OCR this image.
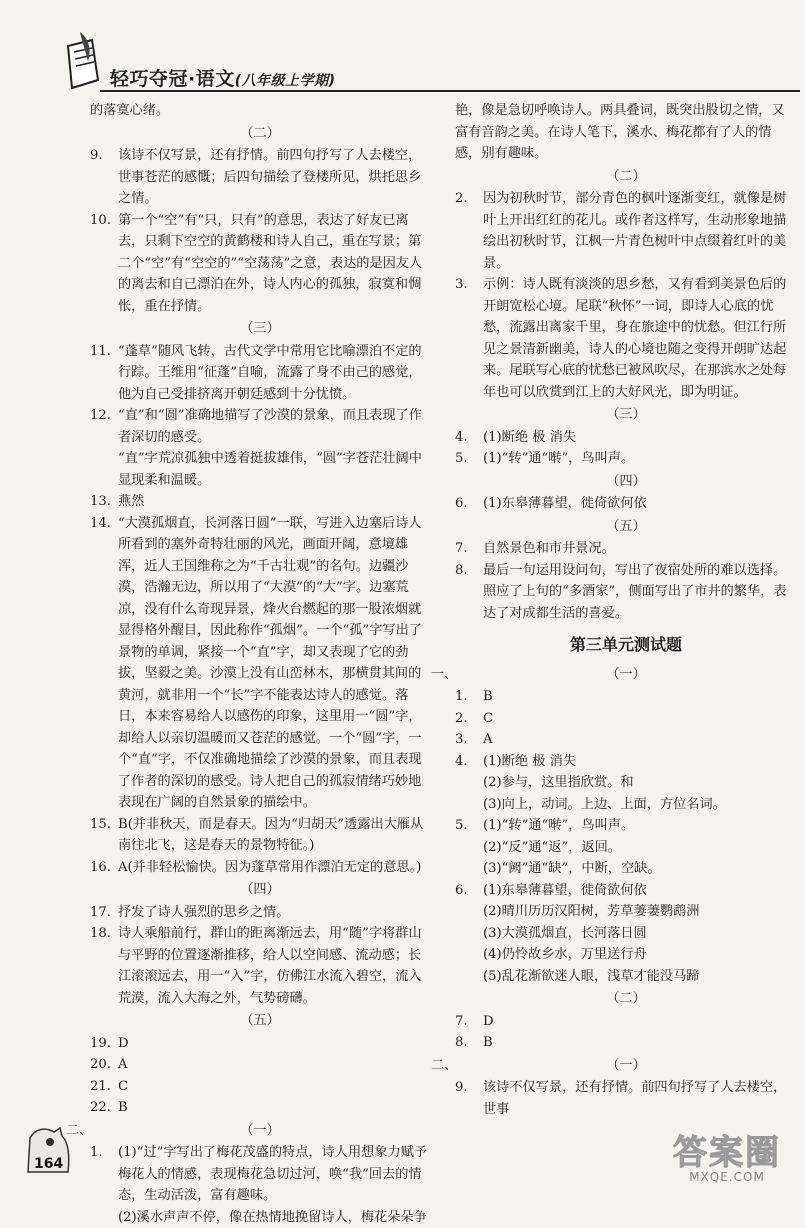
轻巧夺冠·语文(八年级上学期)
的落寞心绪。
（二）
9. 该诗不仅写景，还有抒情。前四句抒写了人去楼空，世事苍茫的感慨；后四句描绘了登楼所见，烘托思乡之情。
10. 第一个“空”有“只，只有”的意思，表达了好友已离去，只剩下空空的黄鹤楼和诗人自己，重在写景；第二个“空”有“空空的”“空荡荡”之意，表达的是因友人的离去和自己漂泊在外，诗人内心的孤独，寂寞和惆怅，重在抒情。
（三）
11. “蓬草”随风飞转，古代文学中常用它比喻漂泊不定的行踪。王维用“征蓬”自喻，流露了身不由己的感觉，他为自己受排挤离开朝廷感到十分忧愤。
12. “直”和“圆”准确地描写了沙漠的景象，而且表现了作者深切的感受。
“直”字荒凉孤独中透着挺拔雄伟，“圆”字苍茫壮阔中显现柔和温暖。
13. 燕然
14. “大漠孤烟直，长河落日圆”一联，写进入边塞后诗人所看到的塞外奇特壮丽的风光，画面开阔，意境雄浑，近人王国维称之为“千古壮观”的名句。边疆沙漠，浩瀚无边，所以用了“大漠”的“大”字。边塞荒凉，没有什么奇现异景，烽火台燃起的那一股浓烟就显得格外醒目，因此称作“孤烟”。一个“孤”字写出了景物的单调，紧接一个“直”字，却又表现了它的劲拔，坚毅之美。沙漠上没有山峦林木，那横贯其间的黄河，就非用一个“长”字不能表达诗人的感觉。落日，本来容易给人以感伤的印象，这里用一“圆”字，却给人以亲切温暖而又苍茫的感觉。一个“圆”字，一个“直”字，不仅准确地描绘了沙漠的景象，而且表现了作者的深切的感受。诗人把自己的孤寂情绪巧妙地表现在广阔的自然景象的描绘中。
15. B(并非秋天，而是春天。因为“归胡天”透露出大雁从南往北飞，这是春天的景物特征。)
16. A(并非轻松愉快。因为蓬草常用作漂泊无定的意思。)
（四）
17. 抒发了诗人强烈的思乡之情。
18. 诗人乘船前行，群山的距离渐远去，用“随”字将群山与平野的位置逐渐推移，给人以空间感、流动感；长江滚滚远去，用一“入”字，仿佛江水流入碧空，流入荒漠，流入大海之外，气势磅礴。
（五）
19. D
20. A
21. C
22. B
二、	（一）
1. (1)“过”字写出了梅花茂盛的特点，诗人用想象力赋予梅花人的情感，表现梅花急切过河，唤“我”回去的情态，生动活泼，富有趣味。
(2)溪水声声不停，像在热情地挽留诗人，梅花朵朵争
艳，像是急切呼唤诗人。两具叠词，既突出股切之情，又富有音韵之美。在诗人笔下，溪水、梅花都有了人的情感，别有趣味。
（二）
2. 因为初秋时节，部分青色的枫叶逐渐变红，就像是树叶上开出红红的花儿。或作者这样写，生动形象地描绘出初秋时节，江枫一片青色树叶中点缀着红叶的美景。
3. 示例：诗人既有淡淡的思乡愁，又有看到美景色后的开朗宽松心境。尾联“秋怀”一词，即诗人心底的忧愁，流露出离家千里，身在旅途中的忧愁。但江行所见之景清新幽美，诗人的心境也随之变得开朗旷达起来。尾联写心底的忧愁已被风吹尽，在那滨水之处每年也可以欣赏到江上的大好风光，即为明证。
（三）
4. (1)断绝 极 消失
5. (1)“转”通“啭”，鸟叫声。
（四）
6. (1)东皋薄暮望，徙倚欲何依
（五）
7. 自然景色和市井景况。
8. 最后一句运用设问句，写出了夜宿处所的难以选择。照应了上句的“多酒家”，侧面写出了市井的繁华，表达了对成都生活的喜爱。
第三单元测试题
一、	（一）
1. B
2. C
3. A
4. (1)断绝 极 消失
(2)参与，这里指欣赏。和
(3)向上，动词。上边、上面，方位名词。
5. (1)“转”通“啭”，鸟叫声。
(2)“反”通“返”，返回。
(3)“阙”通“缺”，中断，空缺。
6. (1)东皋薄暮望，徙倚欲何依
(2)晴川历历汉阳树，芳草萋萋鹦鹉洲
(3)大漠孤烟直，长河落日圆
(4)仍怜故乡水，万里送行舟
(5)乱花渐欲迷人眼，浅草才能没马蹄
（二）
7. D
8. B
二、	（一）
9. 该诗不仅写景，还有抒情。前四句抒写了人去楼空，世事
164	答案圈
MXQE.COM
